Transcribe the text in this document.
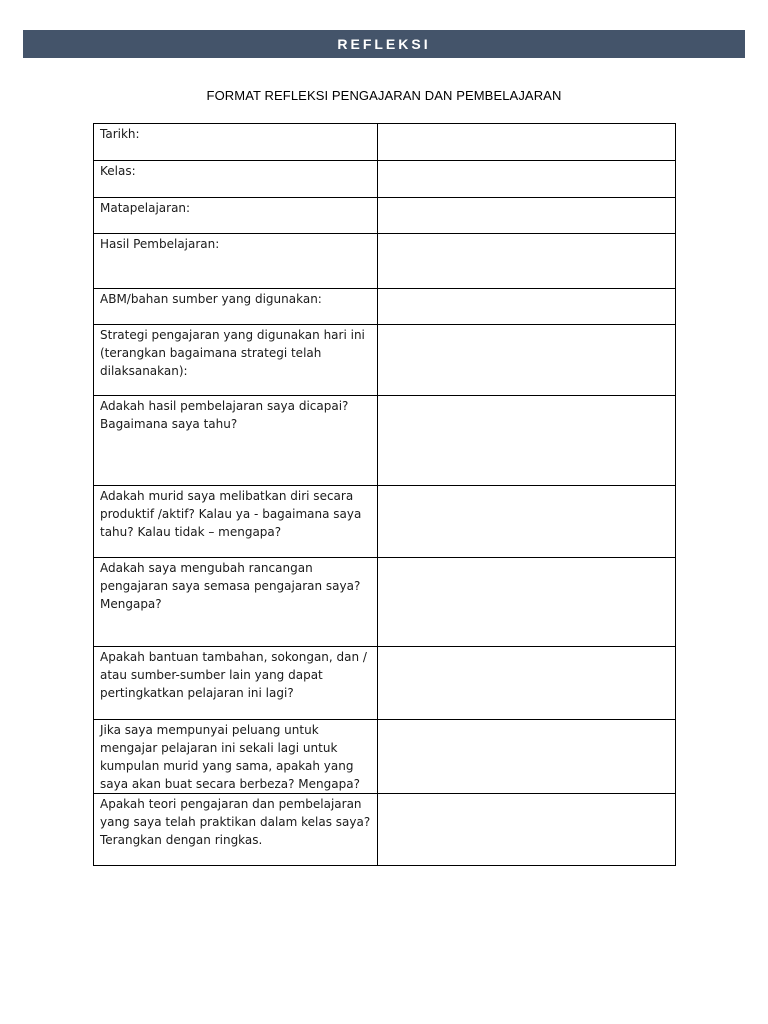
REFLEKSI
FORMAT REFLEKSI PENGAJARAN DAN PEMBELAJARAN
Tarikh:	
Kelas:	
Matapelajaran:	
Hasil Pembelajaran:	
ABM/bahan sumber yang digunakan:	
Strategi pengajaran yang digunakan hari ini (terangkan bagaimana strategi telah dilaksanakan):	
Adakah hasil pembelajaran saya dicapai? Bagaimana saya tahu?	
Adakah murid saya melibatkan diri secara produktif /aktif? Kalau ya - bagaimana saya tahu? Kalau tidak – mengapa?	
Adakah saya mengubah rancangan pengajaran saya semasa pengajaran saya? Mengapa?	
Apakah bantuan tambahan, sokongan, dan / atau sumber-sumber lain yang dapat pertingkatkan pelajaran ini lagi?	
Jika saya mempunyai peluang untuk mengajar pelajaran ini sekali lagi untuk kumpulan murid yang sama, apakah yang saya akan buat secara berbeza? Mengapa?	
Apakah teori pengajaran dan pembelajaran yang saya telah praktikan dalam kelas saya? Terangkan dengan ringkas.	
